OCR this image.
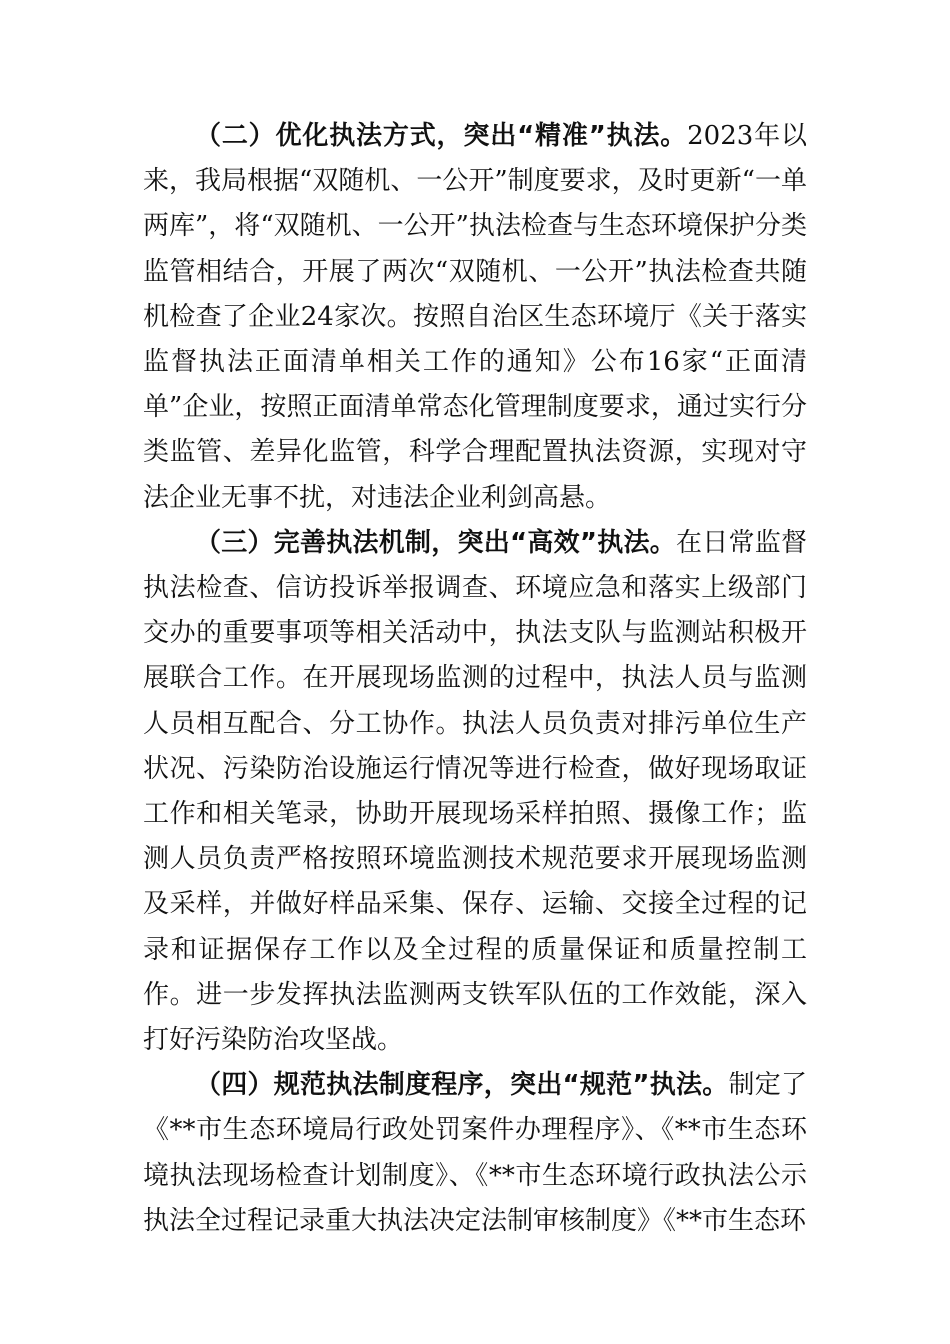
（二）优化执法方式，突出“精准”执法。2023年以来，我局根据“双随机、一公开”制度要求，及时更新“一单两库”，将“双随机、一公开”执法检查与生态环境保护分类监管相结合，开展了两次“双随机、一公开”执法检查共随机检查了企业24家次。按照自治区生态环境厅《关于落实监督执法正面清单相关工作的通知》公布16家“正面清单”企业，按照正面清单常态化管理制度要求，通过实行分类监管、差异化监管，科学合理配置执法资源，实现对守法企业无事不扰，对违法企业利剑高悬。

（三）完善执法机制，突出“高效”执法。在日常监督执法检查、信访投诉举报调查、环境应急和落实上级部门交办的重要事项等相关活动中，执法支队与监测站积极开展联合工作。在开展现场监测的过程中，执法人员与监测人员相互配合、分工协作。执法人员负责对排污单位生产状况、污染防治设施运行情况等进行检查，做好现场取证工作和相关笔录，协助开展现场采样拍照、摄像工作；监测人员负责严格按照环境监测技术规范要求开展现场监测及采样，并做好样品采集、保存、运输、交接全过程的记录和证据保存工作以及全过程的质量保证和质量控制工作。进一步发挥执法监测两支铁军队伍的工作效能，深入打好污染防治攻坚战。

（四）规范执法制度程序，突出“规范”执法。制定了《**市生态环境局行政处罚案件办理程序》、《**市生态环境执法现场检查计划制度》、《**市生态环境行政执法公示执法全过程记录重大执法决定法制审核制度》《**市生态环
